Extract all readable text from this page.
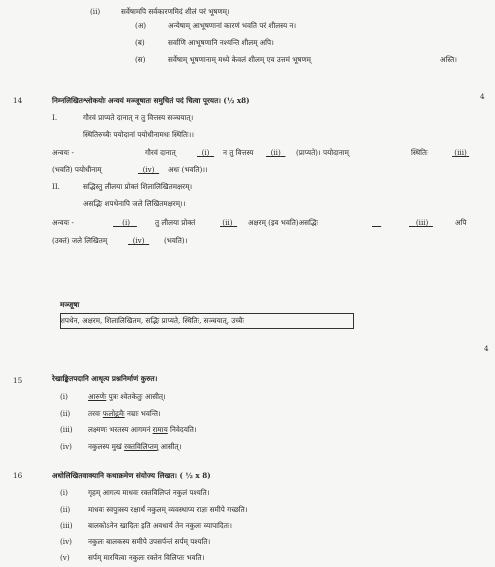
(ii)	सर्वेषामपि सर्वकारणमिदं शीलं परं भूषणम्।
(अ)	अन्येषाम् आभूषणानां कारणं भवति परं शीलस्य न।
(ब)	सर्वाणि आभूषणानि नश्यन्ति शीलम् अपि।
(स)	सर्वेषाम् भूषणानाम् मध्ये केवलं शीलम् एव उत्तमं भूषणम्	अस्ति।
14	निम्नलिखितश्लोकयोः अन्वयं मञ्जूषातः समुचितं पदं चित्वा पूरयत। (½ x8)	4
I.	गौरवं प्राप्यते दानात् न तु वित्तस्य सञ्चयात्।
स्थितिरुच्चैः पयोदानां पयोधीनामधः स्थितिः।।
अन्वयः -	गौरवं दानात्	(i)	न तु वित्तस्य	(ii)	(प्राप्यते)। पयोदानाम्	स्थितिः	(iii)
(भवति) पयोधीनाम्	(iv)	अधः (भवति)।।
II.	सद्भिस्तु लीलया प्रोक्तं शिलालिखितमक्षरम्।
असद्भिः शपथेनापि जले लिखितमक्षरम्।।
अन्वयः -	(i)	तु लीलया प्रोक्तं	(ii)	अक्षरम् (इव भवति)असद्भिः
	(iii)	अपि
(उक्तं) जले लिखितम्	(iv)	(भवति)।
मञ्जूषा
शपथेन, अक्षरम, शिलालिखितम, सद्भिः प्राप्यते, स्थितिः, सञ्चयात्, उच्चैः
15	रेखाङ्कितपदानि आधृत्य प्रश्ननिर्माणं कुरुत।
4
(i)	आरुणेः पुत्रः श्वेतकेतुः आसीत्।
(ii) तरवः फलोद्गमैः नम्राः भवन्ति।
(iii) लक्ष्मणः भरतस्य आगमनं रामाय निवेदयति।
(iv) नकुलस्य मुखं रक्तविलिप्तम् आसीत्।
16	अधोलिखितवाक्यानि कथाक्रमेण संयोज्य लिखत। ( ½ x 8)
(i)	गृहम् आगत्य माधवः रक्तविलिप्तं नकुलं पश्यति।
(ii) माधवः स्वपुत्रस्य रक्षार्थं नकुलम् व्यवस्थाप्य राज्ञः समीपे गच्छति।
(iii) बालकोऽनेन खादितः इति अवधार्य तेन नकुलः व्यापादितः।
(iv) नकुलः बालकस्य समीपे उपसर्पन्तं सर्पम् पश्यति।
(v)	सर्पम् मारयित्वा नकुलः रक्तेन विलिप्तः भवति।
